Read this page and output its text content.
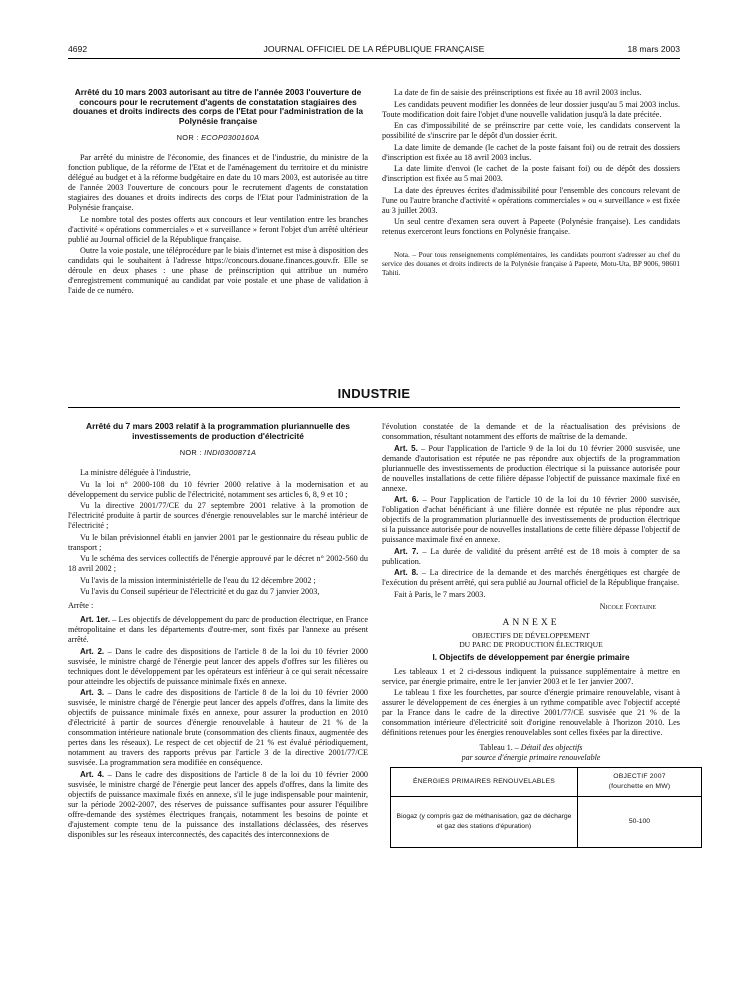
4692	JOURNAL OFFICIEL DE LA RÉPUBLIQUE FRANÇAISE	18 mars 2003
Arrêté du 10 mars 2003 autorisant au titre de l'année 2003 l'ouverture de concours pour le recrutement d'agents de constatation stagiaires des douanes et droits indirects des corps de l'Etat pour l'administration de la Polynésie française
NOR : ECOP0300160A

Par arrêté du ministre de l'économie, des finances et de l'industrie, du ministre de la fonction publique, de la réforme de l'Etat et de l'aménagement du territoire et du ministre délégué au budget et à la réforme budgétaire en date du 10 mars 2003, est autorisée au titre de l'année 2003 l'ouverture de concours pour le recrutement d'agents de constatation stagiaires des douanes et droits indirects des corps de l'Etat pour l'administration de la Polynésie française.

Le nombre total des postes offerts aux concours et leur ventilation entre les branches d'activité « opérations commerciales » et « surveillance » feront l'objet d'un arrêté ultérieur publié au Journal officiel de la République française.

Outre la voie postale, une téléprocédure par le biais d'internet est mise à disposition des candidats qui le souhaitent à l'adresse https://concours.douane.finances.gouv.fr. Elle se déroule en deux phases : une phase de préinscription qui attribue un numéro d'enregistrement communiqué au candidat par voie postale et une phase de validation à l'aide de ce numéro.

La date de fin de saisie des préinscriptions est fixée au 18 avril 2003 inclus.

Les candidats peuvent modifier les données de leur dossier jusqu'au 5 mai 2003 inclus. Toute modification doit faire l'objet d'une nouvelle validation jusqu'à la date précitée.

En cas d'impossibilité de se préinscrire par cette voie, les candidats conservent la possibilité de s'inscrire par le dépôt d'un dossier écrit.

La date limite de demande (le cachet de la poste faisant foi) ou de retrait des dossiers d'inscription est fixée au 18 avril 2003 inclus.

La date limite d'envoi (le cachet de la poste faisant foi) ou de dépôt des dossiers d'inscription est fixée au 5 mai 2003.

La date des épreuves écrites d'admissibilité pour l'ensemble des concours relevant de l'une ou l'autre branche d'activité « opérations commerciales » ou « surveillance » est fixée au 3 juillet 2003.

Un seul centre d'examen sera ouvert à Papeete (Polynésie française). Les candidats retenus exerceront leurs fonctions en Polynésie française.

Nota. – Pour tous renseignements complémentaires, les candidats pourront s'adresser au chef du service des douanes et droits indirects de la Polynésie française à Papeete, Motu-Uta, BP 9006, 98601 Tahiti.

INDUSTRIE
Arrêté du 7 mars 2003 relatif à la programmation pluriannuelle des investissements de production d'électricité
NOR : INDI0300871A

La ministre déléguée à l'industrie,

Vu la loi n° 2000-108 du 10 février 2000 relative à la modernisation et au développement du service public de l'électricité, notamment ses articles 6, 8, 9 et 10 ;

Vu la directive 2001/77/CE du 27 septembre 2001 relative à la promotion de l'électricité produite à partir de sources d'énergie renouvelables sur le marché intérieur de l'électricité ;

Vu le bilan prévisionnel établi en janvier 2001 par le gestionnaire du réseau public de transport ;

Vu le schéma des services collectifs de l'énergie approuvé par le décret n° 2002-560 du 18 avril 2002 ;

Vu l'avis de la mission interministérielle de l'eau du 12 décembre 2002 ;

Vu l'avis du Conseil supérieur de l'électricité et du gaz du 7 janvier 2003,

Arrête :

Art. 1er. – Les objectifs de développement du parc de production électrique, en France métropolitaine et dans les départements d'outre-mer, sont fixés par l'annexe au présent arrêté.

Art. 2. – Dans le cadre des dispositions de l'article 8 de la loi du 10 février 2000 susvisée, le ministre chargé de l'énergie peut lancer des appels d'offres sur les filières ou techniques dont le développement par les opérateurs est inférieur à ce qui serait nécessaire pour atteindre les objectifs de puissance minimale fixés en annexe.

Art. 3. – Dans le cadre des dispositions de l'article 8 de la loi du 10 février 2000 susvisée, le ministre chargé de l'énergie peut lancer des appels d'offres, dans la limite des objectifs de puissance minimale fixés en annexe, pour assurer la production en 2010 d'électricité à partir de sources d'énergie renouvelable à hauteur de 21 % de la consommation intérieure nationale brute (consommation des clients finaux, augmentée des pertes dans les réseaux). Le respect de cet objectif de 21 % est évalué périodiquement, notamment au travers des rapports prévus par l'article 3 de la directive 2001/77/CE susvisée. La programmation sera modifiée en conséquence.

Art. 4. – Dans le cadre des dispositions de l'article 8 de la loi du 10 février 2000 susvisée, le ministre chargé de l'énergie peut lancer des appels d'offres, dans la limite des objectifs de puissance maximale fixés en annexe, s'il le juge indispensable pour maintenir, sur la période 2002-2007, des réserves de puissance suffisantes pour assurer l'équilibre offre-demande des systèmes électriques français, notamment les besoins de pointe et d'ajustement compte tenu de la puissance des installations déclassées, des réserves disponibles sur les réseaux interconnectés, des capacités des interconnexions de

l'évolution constatée de la demande et de la réactualisation des prévisions de consommation, résultant notamment des efforts de maîtrise de la demande.

Art. 5. – Pour l'application de l'article 9 de la loi du 10 février 2000 susvisée, une demande d'autorisation est réputée ne pas répondre aux objectifs de la programmation pluriannuelle des investissements de production électrique si la puissance autorisée pour de nouvelles installations de cette filière dépasse l'objectif de puissance maximale fixé en annexe.

Art. 6. – Pour l'application de l'article 10 de la loi du 10 février 2000 susvisée, l'obligation d'achat bénéficiant à une filière donnée est réputée ne plus répondre aux objectifs de la programmation pluriannuelle des investissements de production électrique si la puissance autorisée pour de nouvelles installations de cette filière dépasse l'objectif de puissance maximale fixé en annexe.

Art. 7. – La durée de validité du présent arrêté est de 18 mois à compter de sa publication.

Art. 8. – La directrice de la demande et des marchés énergétiques est chargée de l'exécution du présent arrêté, qui sera publié au Journal officiel de la République française.

Fait à Paris, le 7 mars 2003.

Nicole Fontaine
ANNEXE
OBJECTIFS DE DÉVELOPPEMENT
DU PARC DE PRODUCTION ÉLECTRIQUE
I. Objectifs de développement par énergie primaire

Les tableaux 1 et 2 ci-dessous indiquent la puissance supplémentaire à mettre en service, par énergie primaire, entre le 1er janvier 2003 et le 1er janvier 2007.

Le tableau 1 fixe les fourchettes, par source d'énergie primaire renouvelable, visant à assurer le développement de ces énergies à un rythme compatible avec l'objectif accepté par la France dans le cadre de la directive 2001/77/CE susvisée que 21 % de la consommation intérieure d'électricité soit d'origine renouvelable à l'horizon 2010. Les définitions retenues pour les énergies renouvelables sont celles fixées par la directive.

Tableau 1. – Détail des objectifs
par source d'énergie primaire renouvelable
ÉNERGIES PRIMAIRES RENOUVELABLES	OBJECTIF 2007
(fourchette en MW)
Biogaz (y compris gaz de méthanisation, gaz de décharge et gaz des stations d'épuration)	50-100
